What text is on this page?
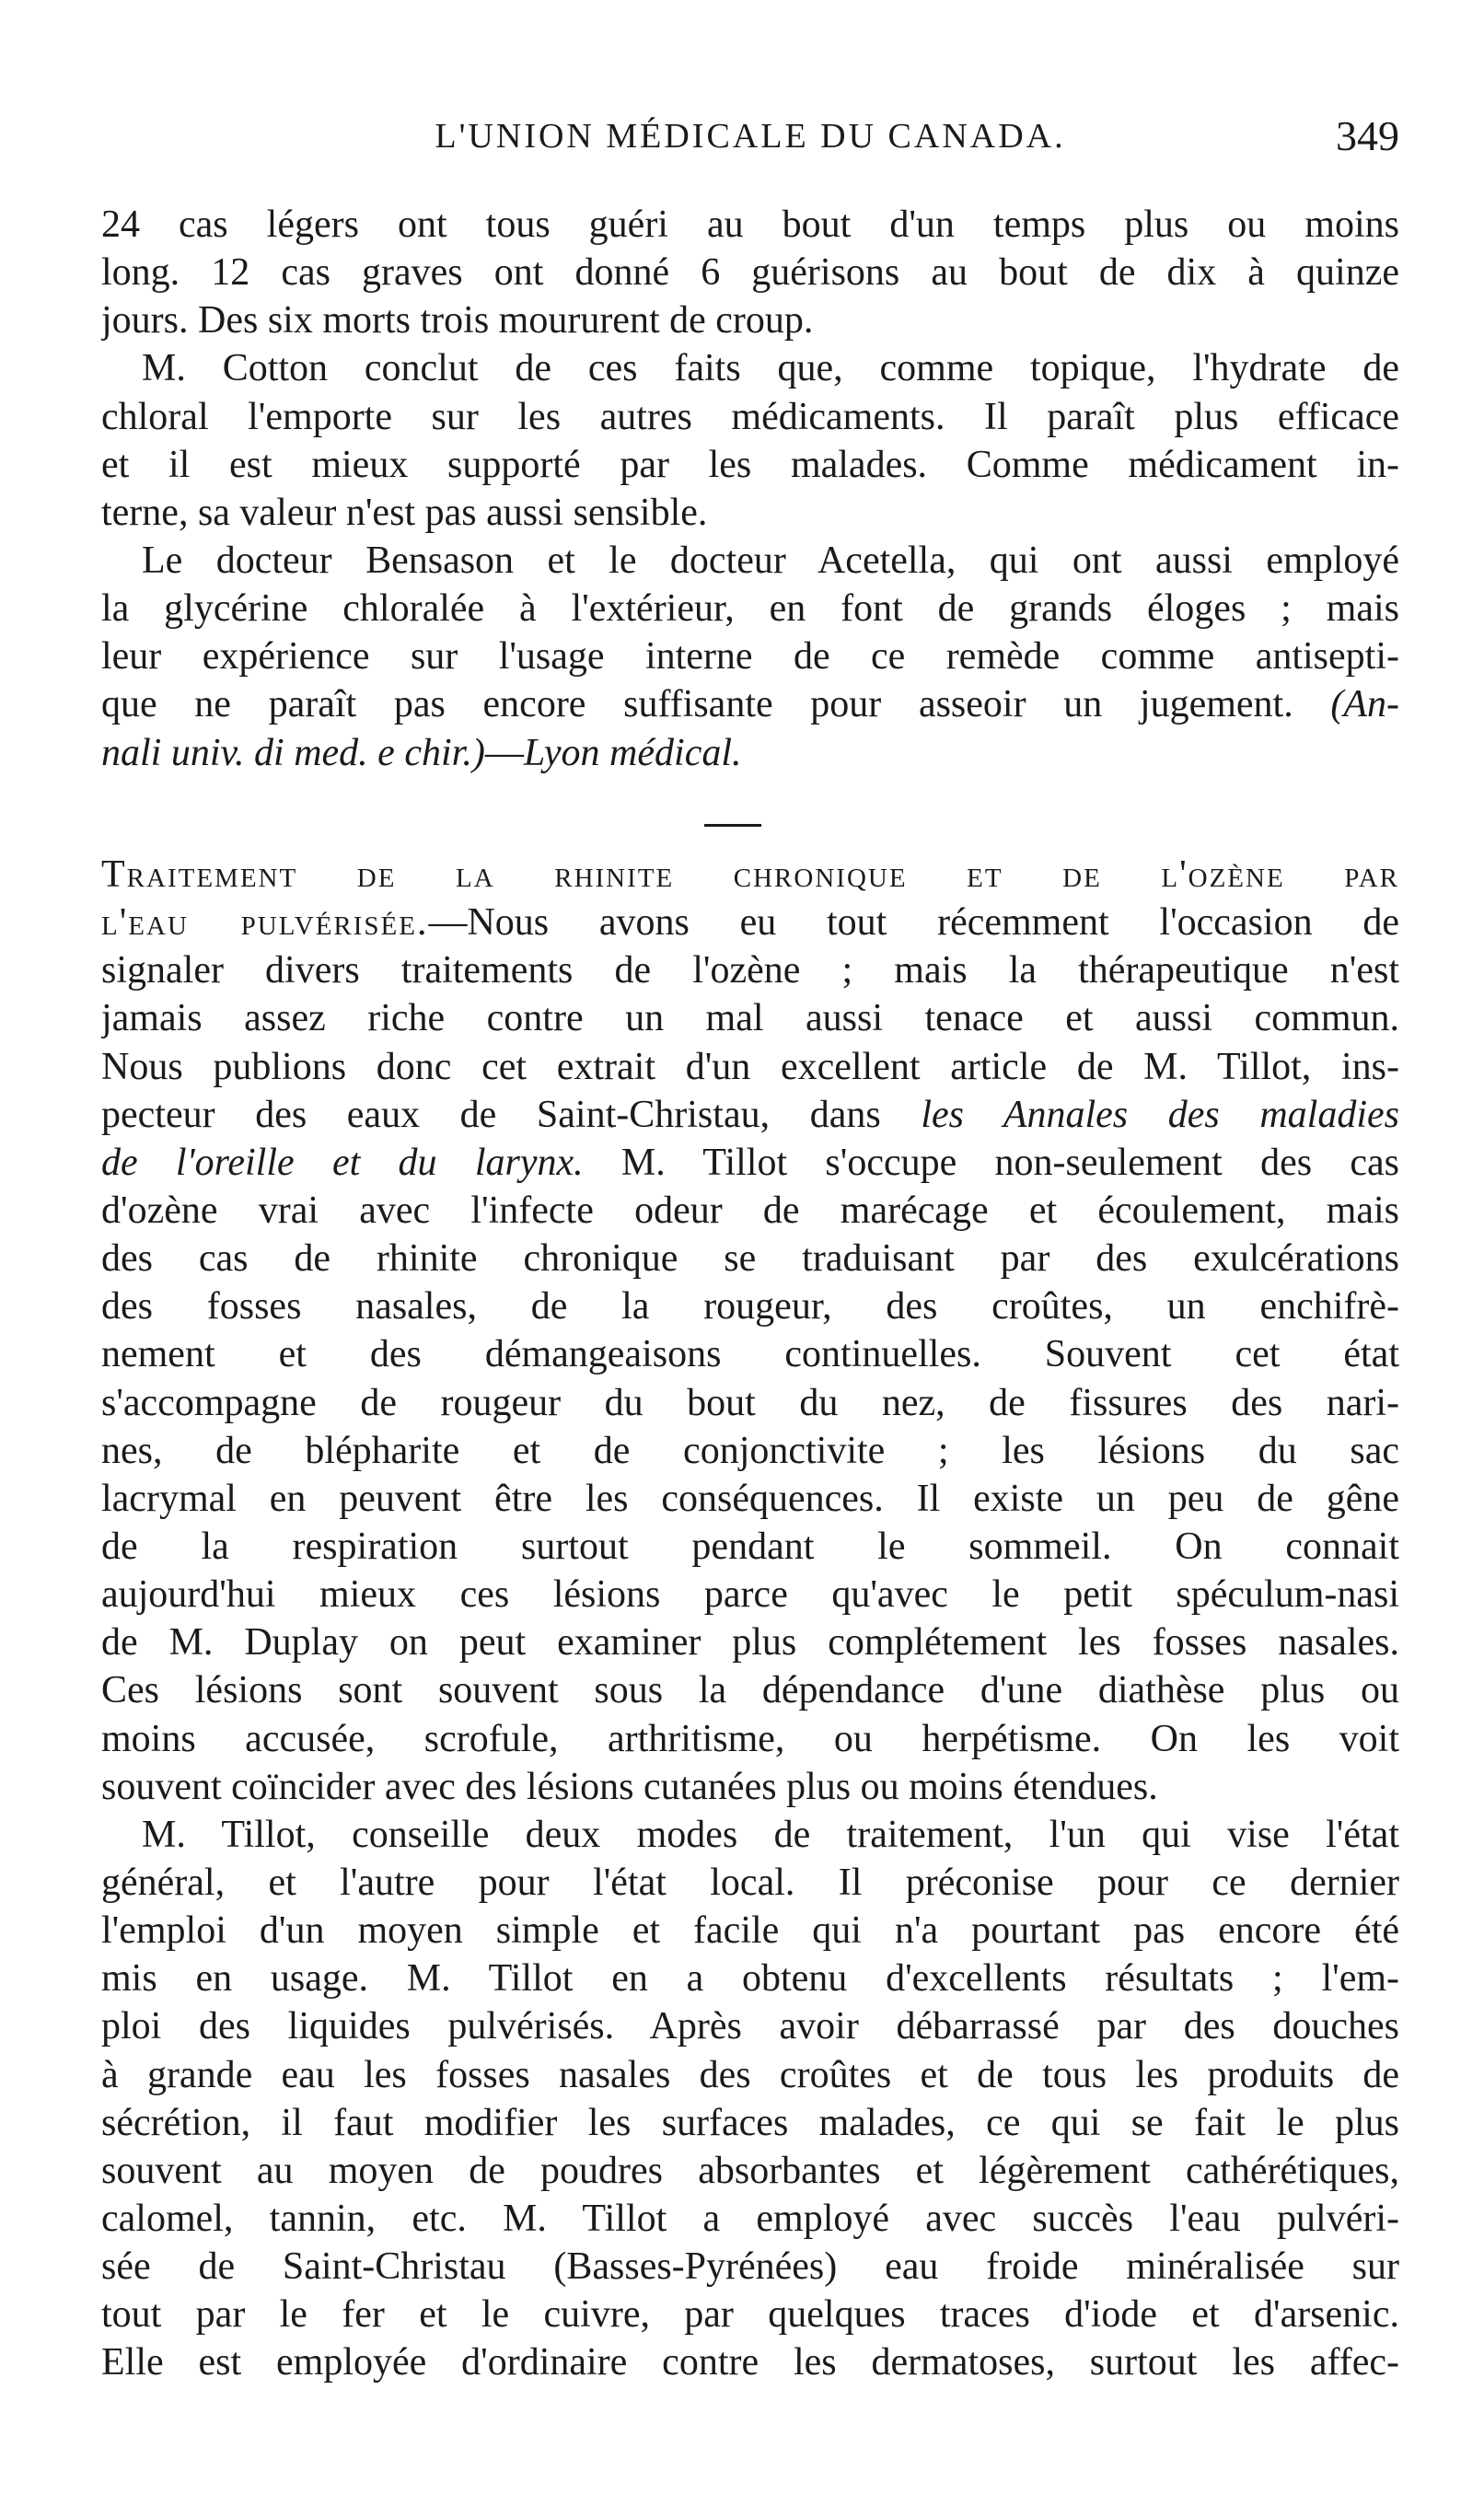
L'UNION MÉDICALE DU CANADA.	349
24 cas légers ont tous guéri au bout d'un temps plus ou moins
long. 12 cas graves ont donné 6 guérisons au bout de dix à quinze
jours. Des six morts trois moururent de croup.
M. Cotton conclut de ces faits que, comme topique, l'hydrate de
chloral l'emporte sur les autres médicaments. Il paraît plus efficace
et il est mieux supporté par les malades. Comme médicament in-
terne, sa valeur n'est pas aussi sensible.
Le docteur Bensason et le docteur Acetella, qui ont aussi employé
la glycérine chloralée à l'extérieur, en font de grands éloges ; mais
leur expérience sur l'usage interne de ce remède comme antisepti-
que ne paraît pas encore suffisante pour asseoir un jugement. (An-
nali univ. di med. e chir.)—Lyon médical.
Traitement de la rhinite chronique et de l'ozène par
l'eau pulvérisée.—Nous avons eu tout récemment l'occasion de
signaler divers traitements de l'ozène ; mais la thérapeutique n'est
jamais assez riche contre un mal aussi tenace et aussi commun.
Nous publions donc cet extrait d'un excellent article de M. Tillot, ins-
pecteur des eaux de Saint-Christau, dans les Annales des maladies
de l'oreille et du larynx. M. Tillot s'occupe non-seulement des cas
d'ozène vrai avec l'infecte odeur de marécage et écoulement, mais
des cas de rhinite chronique se traduisant par des exulcérations
des fosses nasales, de la rougeur, des croûtes, un enchifrè-
nement et des démangeaisons continuelles. Souvent cet état
s'accompagne de rougeur du bout du nez, de fissures des nari-
nes, de blépharite et de conjonctivite ; les lésions du sac
lacrymal en peuvent être les conséquences. Il existe un peu de gêne
de la respiration surtout pendant le sommeil. On connait
aujourd'hui mieux ces lésions parce qu'avec le petit spéculum-nasi
de M. Duplay on peut examiner plus complétement les fosses nasales.
Ces lésions sont souvent sous la dépendance d'une diathèse plus ou
moins accusée, scrofule, arthritisme, ou herpétisme. On les voit
souvent coïncider avec des lésions cutanées plus ou moins étendues.
M. Tillot, conseille deux modes de traitement, l'un qui vise l'état
général, et l'autre pour l'état local. Il préconise pour ce dernier
l'emploi d'un moyen simple et facile qui n'a pourtant pas encore été
mis en usage. M. Tillot en a obtenu d'excellents résultats ; l'em-
ploi des liquides pulvérisés. Après avoir débarrassé par des douches
à grande eau les fosses nasales des croûtes et de tous les produits de
sécrétion, il faut modifier les surfaces malades, ce qui se fait le plus
souvent au moyen de poudres absorbantes et légèrement cathérétiques,
calomel, tannin, etc. M. Tillot a employé avec succès l'eau pulvéri-
sée de Saint-Christau (Basses-Pyrénées) eau froide minéralisée sur
tout par le fer et le cuivre, par quelques traces d'iode et d'arsenic.
Elle est employée d'ordinaire contre les dermatoses, surtout les affec-
